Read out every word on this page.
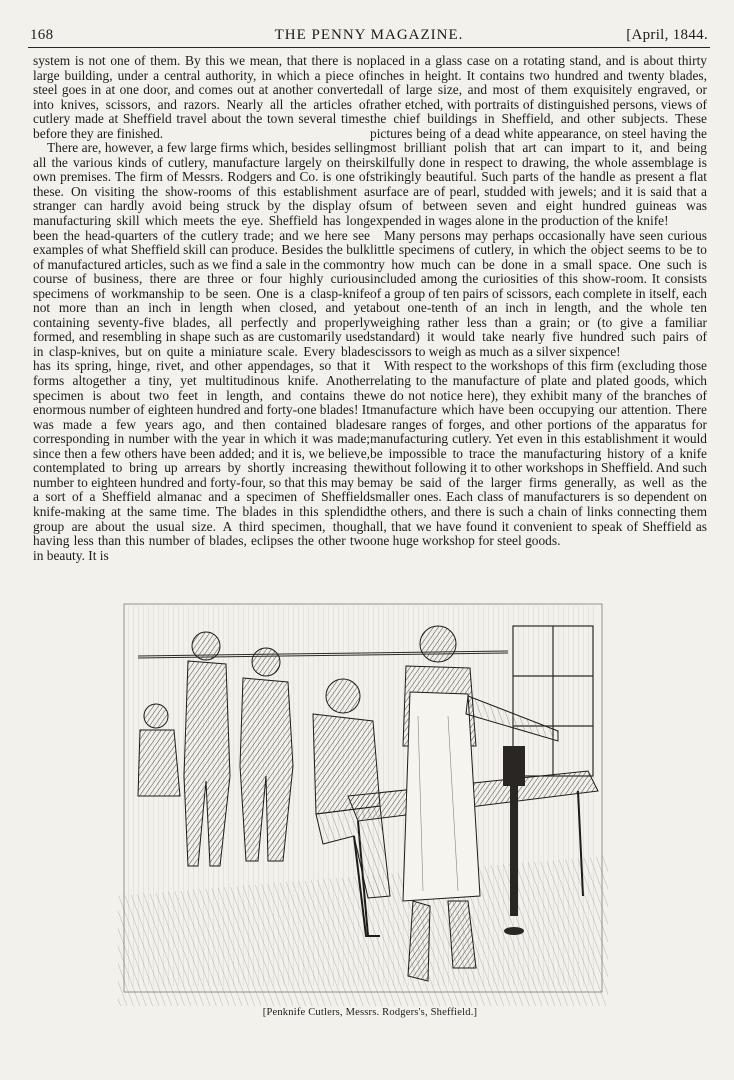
168	THE PENNY MAGAZINE.	[April, 1844.

system is not one of them. By this we mean, that there is no large building, under a central authority, in which a piece of steel goes in at one door, and comes out at another converted into knives, scissors, and razors. Nearly all the articles of cutlery made at Sheffield travel about the town several times before they are finished.

There are, however, a few large firms which, besides selling all the various kinds of cutlery, manufacture largely on their own premises. The firm of Messrs. Rodgers and Co. is one of these. On visiting the show-rooms of this establishment a stranger can hardly avoid being struck by the display of manufacturing skill which meets the eye. Sheffield has long been the head-quarters of the cutlery trade; and we here see examples of what Sheffield skill can produce. Besides the bulk of manufactured articles, such as we find a sale in the common course of business, there are three or four highly curious specimens of workmanship to be seen. One is a clasp-knife not more than an inch in length when closed, and yet containing seventy-five blades, all perfectly and properly formed, and resembling in shape such as are customarily used in clasp-knives, but on quite a miniature scale. Every blade has its spring, hinge, rivet, and other appendages, so that it forms altogether a tiny, yet multitudinous knife. Another specimen is about two feet in length, and contains the enormous number of eighteen hundred and forty-one blades! It was made a few years ago, and then contained blades corresponding in number with the year in which it was made; since then a few others have been added; and it is, we believe, contemplated to bring up arrears by shortly increasing the number to eighteen hundred and forty-four, so that this may be a sort of a Sheffield almanac and a specimen of Sheffield knife-making at the same time. The blades in this splendid group are about the usual size. A third specimen, though having less than this number of blades, eclipses the other two in beauty. It is

placed in a glass case on a rotating stand, and is about thirty inches in height. It contains two hundred and twenty blades, all of large size, and most of them exquisitely engraved, or rather etched, with portraits of distinguished persons, views of the chief buildings in Sheffield, and other subjects. These pictures being of a dead white appearance, on steel having the most brilliant polish that art can impart to it, and being skilfully done in respect to drawing, the whole assemblage is strikingly beautiful. Such parts of the handle as present a flat surface are of pearl, studded with jewels; and it is said that a sum of between seven and eight hundred guineas was expended in wages alone in the production of the knife!

Many persons may perhaps occasionally have seen curious little specimens of cutlery, in which the object seems to be to try how much can be done in a small space. One such is included among the curiosities of this show-room. It consists of a group of ten pairs of scissors, each complete in itself, each about one-tenth of an inch in length, and the whole ten weighing rather less than a grain; or (to give a familiar standard) it would take nearly five hundred such pairs of scissors to weigh as much as a silver sixpence!

With respect to the workshops of this firm (excluding those relating to the manufacture of plate and plated goods, which we do not notice here), they exhibit many of the branches of manufacture which have been occupying our attention. There are ranges of forges, and other portions of the apparatus for manufacturing cutlery. Yet even in this establishment it would be impossible to trace the manufacturing history of a knife without following it to other workshops in Sheffield. And such may be said of the larger firms generally, as well as the smaller ones. Each class of manufacturers is so dependent on the others, and there is such a chain of links connecting them all, that we have found it convenient to speak of Sheffield as one huge workshop for steel goods.

[Penknife Cutlers, Messrs. Rodgers's, Sheffield.]
